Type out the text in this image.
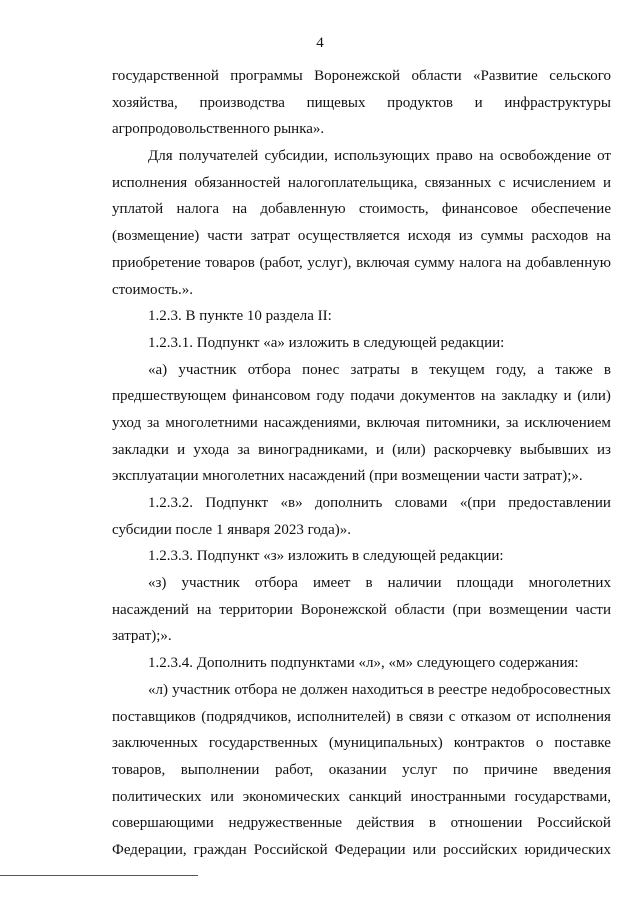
4
государственной программы Воронежской области «Развитие сельского
хозяйства, производства пищевых продуктов и инфраструктуры
агропродовольственного рынка».
Для получателей субсидии, использующих право на освобождение от
исполнения обязанностей налогоплательщика, связанных с исчислением и
уплатой налога на добавленную стоимость, финансовое обеспечение
(возмещение) части затрат осуществляется исходя из суммы расходов на
приобретение товаров (работ, услуг), включая сумму налога на добавленную
стоимость.».
1.2.3. В пункте 10 раздела II:
1.2.3.1. Подпункт «а» изложить в следующей редакции:
«а) участник отбора понес затраты в текущем году, а также в
предшествующем финансовом году подачи документов на закладку и (или)
уход за многолетними насаждениями, включая питомники, за исключением
закладки и ухода за виноградниками, и (или) раскорчевку выбывших из
эксплуатации многолетних насаждений (при возмещении части затрат);».
1.2.3.2. Подпункт «в» дополнить словами «(при предоставлении
субсидии после 1 января 2023 года)».
1.2.3.3. Подпункт «з» изложить в следующей редакции:
«з) участник отбора имеет в наличии площади многолетних
насаждений на территории Воронежской области (при возмещении части
затрат);».
1.2.3.4. Дополнить подпунктами «л», «м» следующего содержания:
«л) участник отбора не должен находиться в реестре недобросовестных
поставщиков (подрядчиков, исполнителей) в связи с отказом от исполнения
заключенных государственных (муниципальных) контрактов о поставке
товаров, выполнении работ, оказании услуг по причине введения
политических или экономических санкций иностранными государствами,
совершающими недружественные действия в отношении Российской
Федерации, граждан Российской Федерации или российских юридических
